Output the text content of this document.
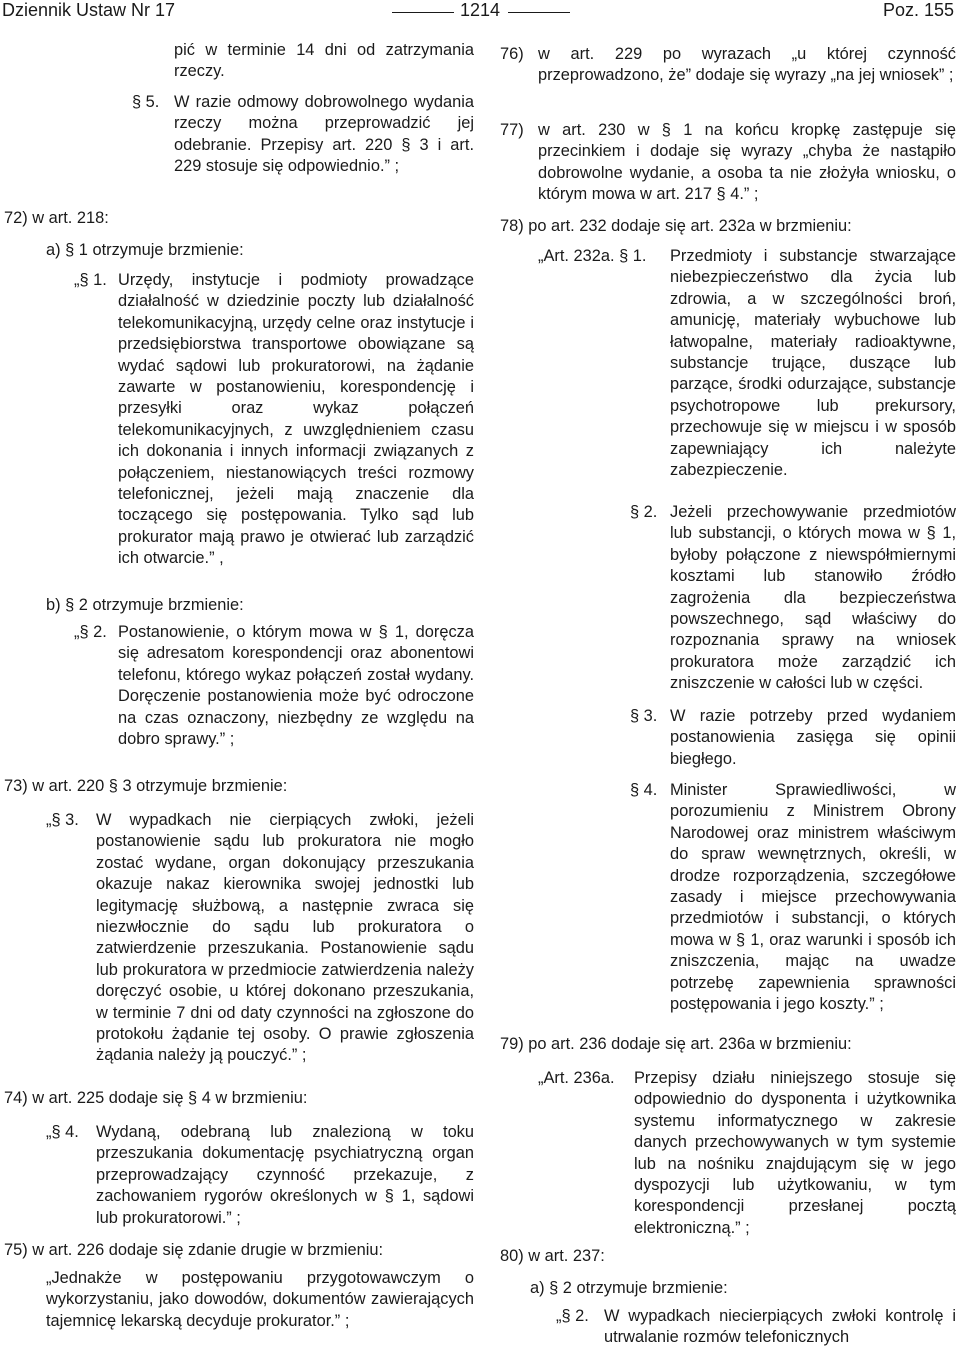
Dziennik Ustaw Nr 17	1214	Poz. 155

pić w terminie 14 dni od zatrzymania rzeczy.

§ 5. W razie odmowy dobrowolnego wydania rzeczy można przeprowadzić jej odebranie. Przepisy art. 220 § 3 i art. 229 stosuje się odpowiednio.” ;

72) w art. 218:

a) § 1 otrzymuje brzmienie:

„§ 1. Urzędy, instytucje i podmioty prowadzące działalność w dziedzinie poczty lub działalność telekomunikacyjną, urzędy celne oraz instytucje i przedsiębiorstwa transportowe obowiązane są wydać sądowi lub prokuratorowi, na żądanie zawarte w postanowieniu, korespondencję i przesyłki oraz wykaz połączeń telekomunikacyjnych, z uwzględnieniem czasu ich dokonania i innych informacji związanych z połączeniem, niestanowiących treści rozmowy telefonicznej, jeżeli mają znaczenie dla toczącego się postępowania. Tylko sąd lub prokurator mają prawo je otwierać lub zarządzić ich otwarcie.” ,

b) § 2 otrzymuje brzmienie:

„§ 2. Postanowienie, o którym mowa w § 1, doręcza się adresatom korespondencji oraz abonentowi telefonu, którego wykaz połączeń został wydany. Doręczenie postanowienia może być odroczone na czas oznaczony, niezbędny ze względu na dobro sprawy.” ;

73) w art. 220 § 3 otrzymuje brzmienie:

„§ 3. W wypadkach nie cierpiących zwłoki, jeżeli postanowienie sądu lub prokuratora nie mogło zostać wydane, organ dokonujący przeszukania okazuje nakaz kierownika swojej jednostki lub legitymację służbową, a następnie zwraca się niezwłocznie do sądu lub prokuratora o zatwierdzenie przeszukania. Postanowienie sądu lub prokuratora w przedmiocie zatwierdzenia należy doręczyć osobie, u której dokonano przeszukania, w terminie 7 dni od daty czynności na zgłoszone do protokołu żądanie tej osoby. O prawie zgłoszenia żądania należy ją pouczyć.” ;

74) w art. 225 dodaje się § 4 w brzmieniu:

„§ 4. Wydaną, odebraną lub znalezioną w toku przeszukania dokumentację psychiatryczną organ przeprowadzający czynność przekazuje, z zachowaniem rygorów określonych w § 1, sądowi lub prokuratorowi.” ;

75) w art. 226 dodaje się zdanie drugie w brzmieniu:

„Jednakże w postępowaniu przygotowawczym o wykorzystaniu, jako dowodów, dokumentów zawierających tajemnicę lekarską decyduje prokurator.” ;

76) w art. 229 po wyrazach „u której czynność przeprowadzono, że” dodaje się wyrazy „na jej wniosek” ;

77) w art. 230 w § 1 na końcu kropkę zastępuje się przecinkiem i dodaje się wyrazy „chyba że nastąpiło dobrowolne wydanie, a osoba ta nie złożyła wniosku, o którym mowa w art. 217 § 4.” ;

78) po art. 232 dodaje się art. 232a w brzmieniu:

„Art. 232a. § 1. Przedmioty i substancje stwarzające niebezpieczeństwo dla życia lub zdrowia, a w szczególności broń, amunicję, materiały wybuchowe lub łatwopalne, materiały radioaktywne, substancje trujące, duszące lub parzące, środki odurzające, substancje psychotropowe lub prekursory, przechowuje się w miejscu i w sposób zapewniający ich należyte zabezpieczenie.

§ 2. Jeżeli przechowywanie przedmiotów lub substancji, o których mowa w § 1, byłoby połączone z niewspółmiernymi kosztami lub stanowiło źródło zagrożenia dla bezpieczeństwa powszechnego, sąd właściwy do rozpoznania sprawy na wniosek prokuratora może zarządzić ich zniszczenie w całości lub w części.

§ 3. W razie potrzeby przed wydaniem postanowienia zasięga się opinii biegłego.

§ 4. Minister Sprawiedliwości, w porozumieniu z Ministrem Obrony Narodowej oraz ministrem właściwym do spraw wewnętrznych, określi, w drodze rozporządzenia, szczegółowe zasady i miejsce przechowywania przedmiotów i substancji, o których mowa w § 1, oraz warunki i sposób ich zniszczenia, mając na uwadze potrzebę zapewnienia sprawności postępowania i jego koszty.” ;

79) po art. 236 dodaje się art. 236a w brzmieniu:

„Art. 236a. Przepisy działu niniejszego stosuje się odpowiednio do dysponenta i użytkownika systemu informatycznego w zakresie danych przechowywanych w tym systemie lub na nośniku znajdującym się w jego dyspozycji lub użytkowaniu, w tym korespondencji przesłanej pocztą elektroniczną.” ;

80) w art. 237:

a) § 2 otrzymuje brzmienie:

„§ 2. W wypadkach niecierpiących zwłoki kontrolę i utrwalanie rozmów telefonicznych
